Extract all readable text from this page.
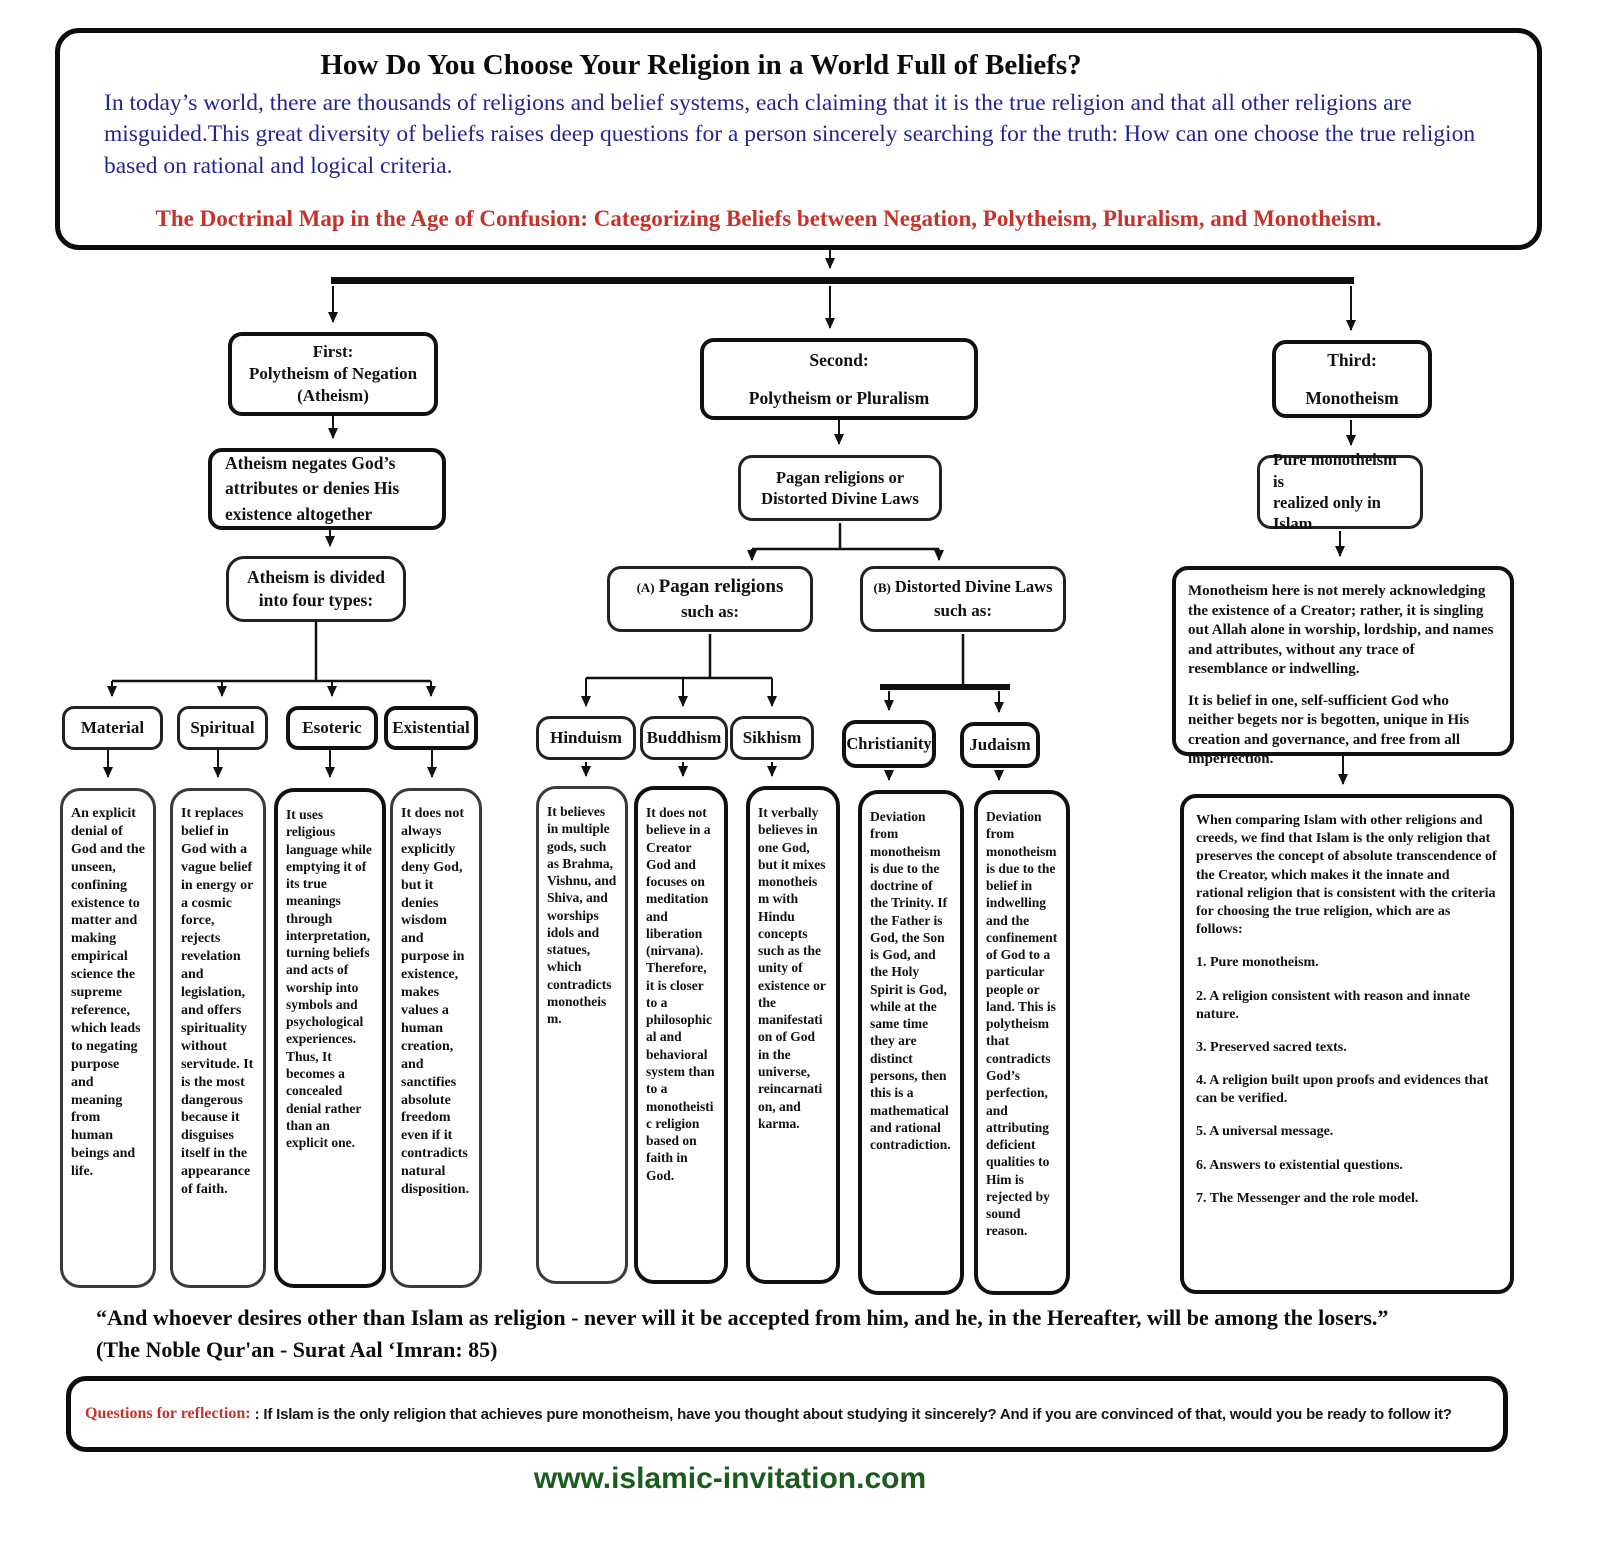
How Do You Choose Your Religion in a World Full of Beliefs?

In today’s world, there are thousands of religions and belief systems, each claiming that it is the true religion and that all other religions are misguided.This great diversity of beliefs raises deep questions for a person sincerely searching for the truth: How can one choose the true religion based on rational and logical criteria.

The Doctrinal Map in the Age of Confusion: Categorizing Beliefs between Negation, Polytheism, Pluralism, and Monotheism.

First:
Polytheism of Negation
(Atheism)
Atheism negates God’s attributes or denies His existence altogether
Atheism is divided
into four types:
Material	Spiritual	Esoteric Existential
An explicit denial of God and the unseen, confining existence to matter and making empirical science the supreme reference, which leads to negating purpose and meaning from human beings and life.
It replaces belief in God with a vague belief in energy or a cosmic force, rejects revelation and legislation, and offers spirituality without servitude. It is the most dangerous because it disguises itself in the appearance of faith.
It uses religious language while emptying it of its true meanings through interpretation, turning beliefs and acts of worship into symbols and psychological experiences. Thus, It becomes a concealed denial rather than an explicit one.
It does not always explicitly deny God, but it denies wisdom and purpose in existence, makes values a human creation, and sanctifies absolute freedom even if it contradicts natural disposition.
Second:
Polytheism or Pluralism
Pagan religions or
Distorted Divine Laws
(A) Pagan religions
such as:
(B) Distorted Divine Laws
such as:
Hinduism Buddhism Sikhism	Christianity Judaism
It believes in multiple gods, such as Brahma, Vishnu, and Shiva, and worships idols and statues, which contradicts monotheism.
It does not believe in a Creator God and focuses on meditation and liberation (nirvana). Therefore, it is closer to a philosophical and behavioral system than to a monotheistic religion based on faith in God.
It verbally believes in one God, but it mixes monotheism with Hindu concepts such as the unity of existence or the manifestation of God in the universe, reincarnation, and karma.
Deviation from monotheism is due to the doctrine of the Trinity. If the Father is God, the Son is God, and the Holy Spirit is God, while at the same time they are distinct persons, then this is a mathematical and rational contradiction.
Deviation from monotheism is due to the belief in indwelling and the confinement of God to a particular people or land. This is polytheism that contradicts God’s perfection, and attributing deficient qualities to Him is rejected by sound reason.
Third:
Monotheism
Pure monotheism is
realized only in Islam

Monotheism here is not merely acknowledging the existence of a Creator; rather, it is singling out Allah alone in worship, lordship, and names and attributes, without any trace of resemblance or indwelling.

It is belief in one, self-sufficient God who neither begets nor is begotten, unique in His creation and governance, and free from all imperfection.

When comparing Islam with other religions and creeds, we find that Islam is the only religion that preserves the concept of absolute transcendence of the Creator, which makes it the innate and rational religion that is consistent with the criteria for choosing the true religion, which are as follows:

1. Pure monotheism.

2. A religion consistent with reason and innate nature.

3. Preserved sacred texts.

4. A religion built upon proofs and evidences that can be verified.

5. A universal message.

6. Answers to existential questions.

7. The Messenger and the role model.

“And whoever desires other than Islam as religion - never will it be accepted from him, and he, in the Hereafter, will be among the losers.”
(The Noble Qur'an - Surat Aal ‘Imran: 85)
Questions for reflection: : If Islam is the only religion that achieves pure monotheism, have you thought about studying it sincerely? And if you are convinced of that, would you be ready to follow it?
www.islamic-invitation.com
